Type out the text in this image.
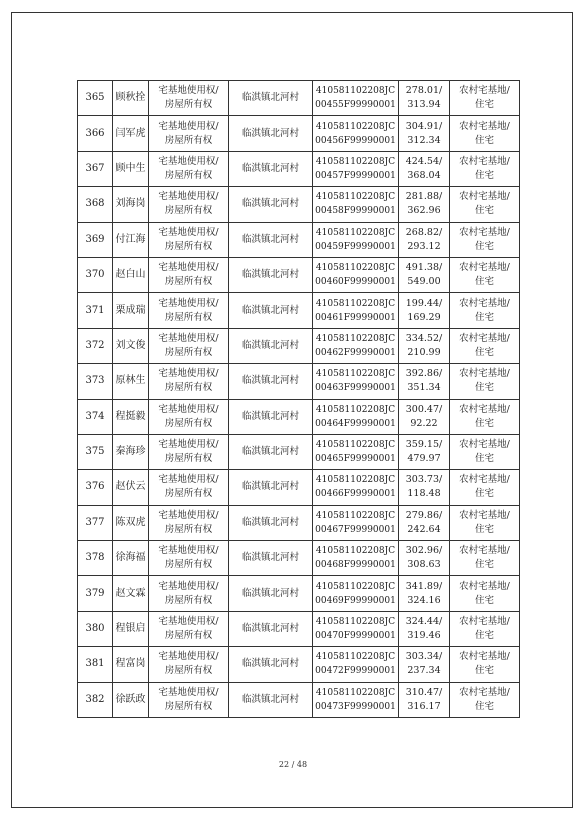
365	顾秋拴	宅基地使用权/
房屋所有权	临淇镇北河村	410581102208JC
00455F99990001	278.01/
313.94	农村宅基地/
住宅
366	闫军虎	宅基地使用权/
房屋所有权	临淇镇北河村	410581102208JC
00456F99990001	304.91/
312.34	农村宅基地/
住宅
367	顾中生	宅基地使用权/
房屋所有权	临淇镇北河村	410581102208JC
00457F99990001	424.54/
368.04	农村宅基地/
住宅
368	刘海岗	宅基地使用权/
房屋所有权	临淇镇北河村	410581102208JC
00458F99990001	281.88/
362.96	农村宅基地/
住宅
369	付江海	宅基地使用权/
房屋所有权	临淇镇北河村	410581102208JC
00459F99990001	268.82/
293.12	农村宅基地/
住宅
370	赵白山	宅基地使用权/
房屋所有权	临淇镇北河村	410581102208JC
00460F99990001	491.38/
549.00	农村宅基地/
住宅
371	栗成瑞	宅基地使用权/
房屋所有权	临淇镇北河村	410581102208JC
00461F99990001	199.44/
169.29	农村宅基地/
住宅
372	刘文俊	宅基地使用权/
房屋所有权	临淇镇北河村	410581102208JC
00462F99990001	334.52/
210.99	农村宅基地/
住宅
373	原林生	宅基地使用权/
房屋所有权	临淇镇北河村	410581102208JC
00463F99990001	392.86/
351.34	农村宅基地/
住宅
374	程挺毅	宅基地使用权/
房屋所有权	临淇镇北河村	410581102208JC
00464F99990001	300.47/
92.22	农村宅基地/
住宅
375	秦海珍	宅基地使用权/
房屋所有权	临淇镇北河村	410581102208JC
00465F99990001	359.15/
479.97	农村宅基地/
住宅
376	赵伏云	宅基地使用权/
房屋所有权	临淇镇北河村	410581102208JC
00466F99990001	303.73/
118.48	农村宅基地/
住宅
377	陈双虎	宅基地使用权/
房屋所有权	临淇镇北河村	410581102208JC
00467F99990001	279.86/
242.64	农村宅基地/
住宅
378	徐海福	宅基地使用权/
房屋所有权	临淇镇北河村	410581102208JC
00468F99990001	302.96/
308.63	农村宅基地/
住宅
379	赵文霖	宅基地使用权/
房屋所有权	临淇镇北河村	410581102208JC
00469F99990001	341.89/
324.16	农村宅基地/
住宅
380	程银启	宅基地使用权/
房屋所有权	临淇镇北河村	410581102208JC
00470F99990001	324.44/
319.46	农村宅基地/
住宅
381	程富岗	宅基地使用权/
房屋所有权	临淇镇北河村	410581102208JC
00472F99990001	303.34/
237.34	农村宅基地/
住宅
382	徐跃政	宅基地使用权/
房屋所有权	临淇镇北河村	410581102208JC
00473F99990001	310.47/
316.17	农村宅基地/
住宅
22 / 48
